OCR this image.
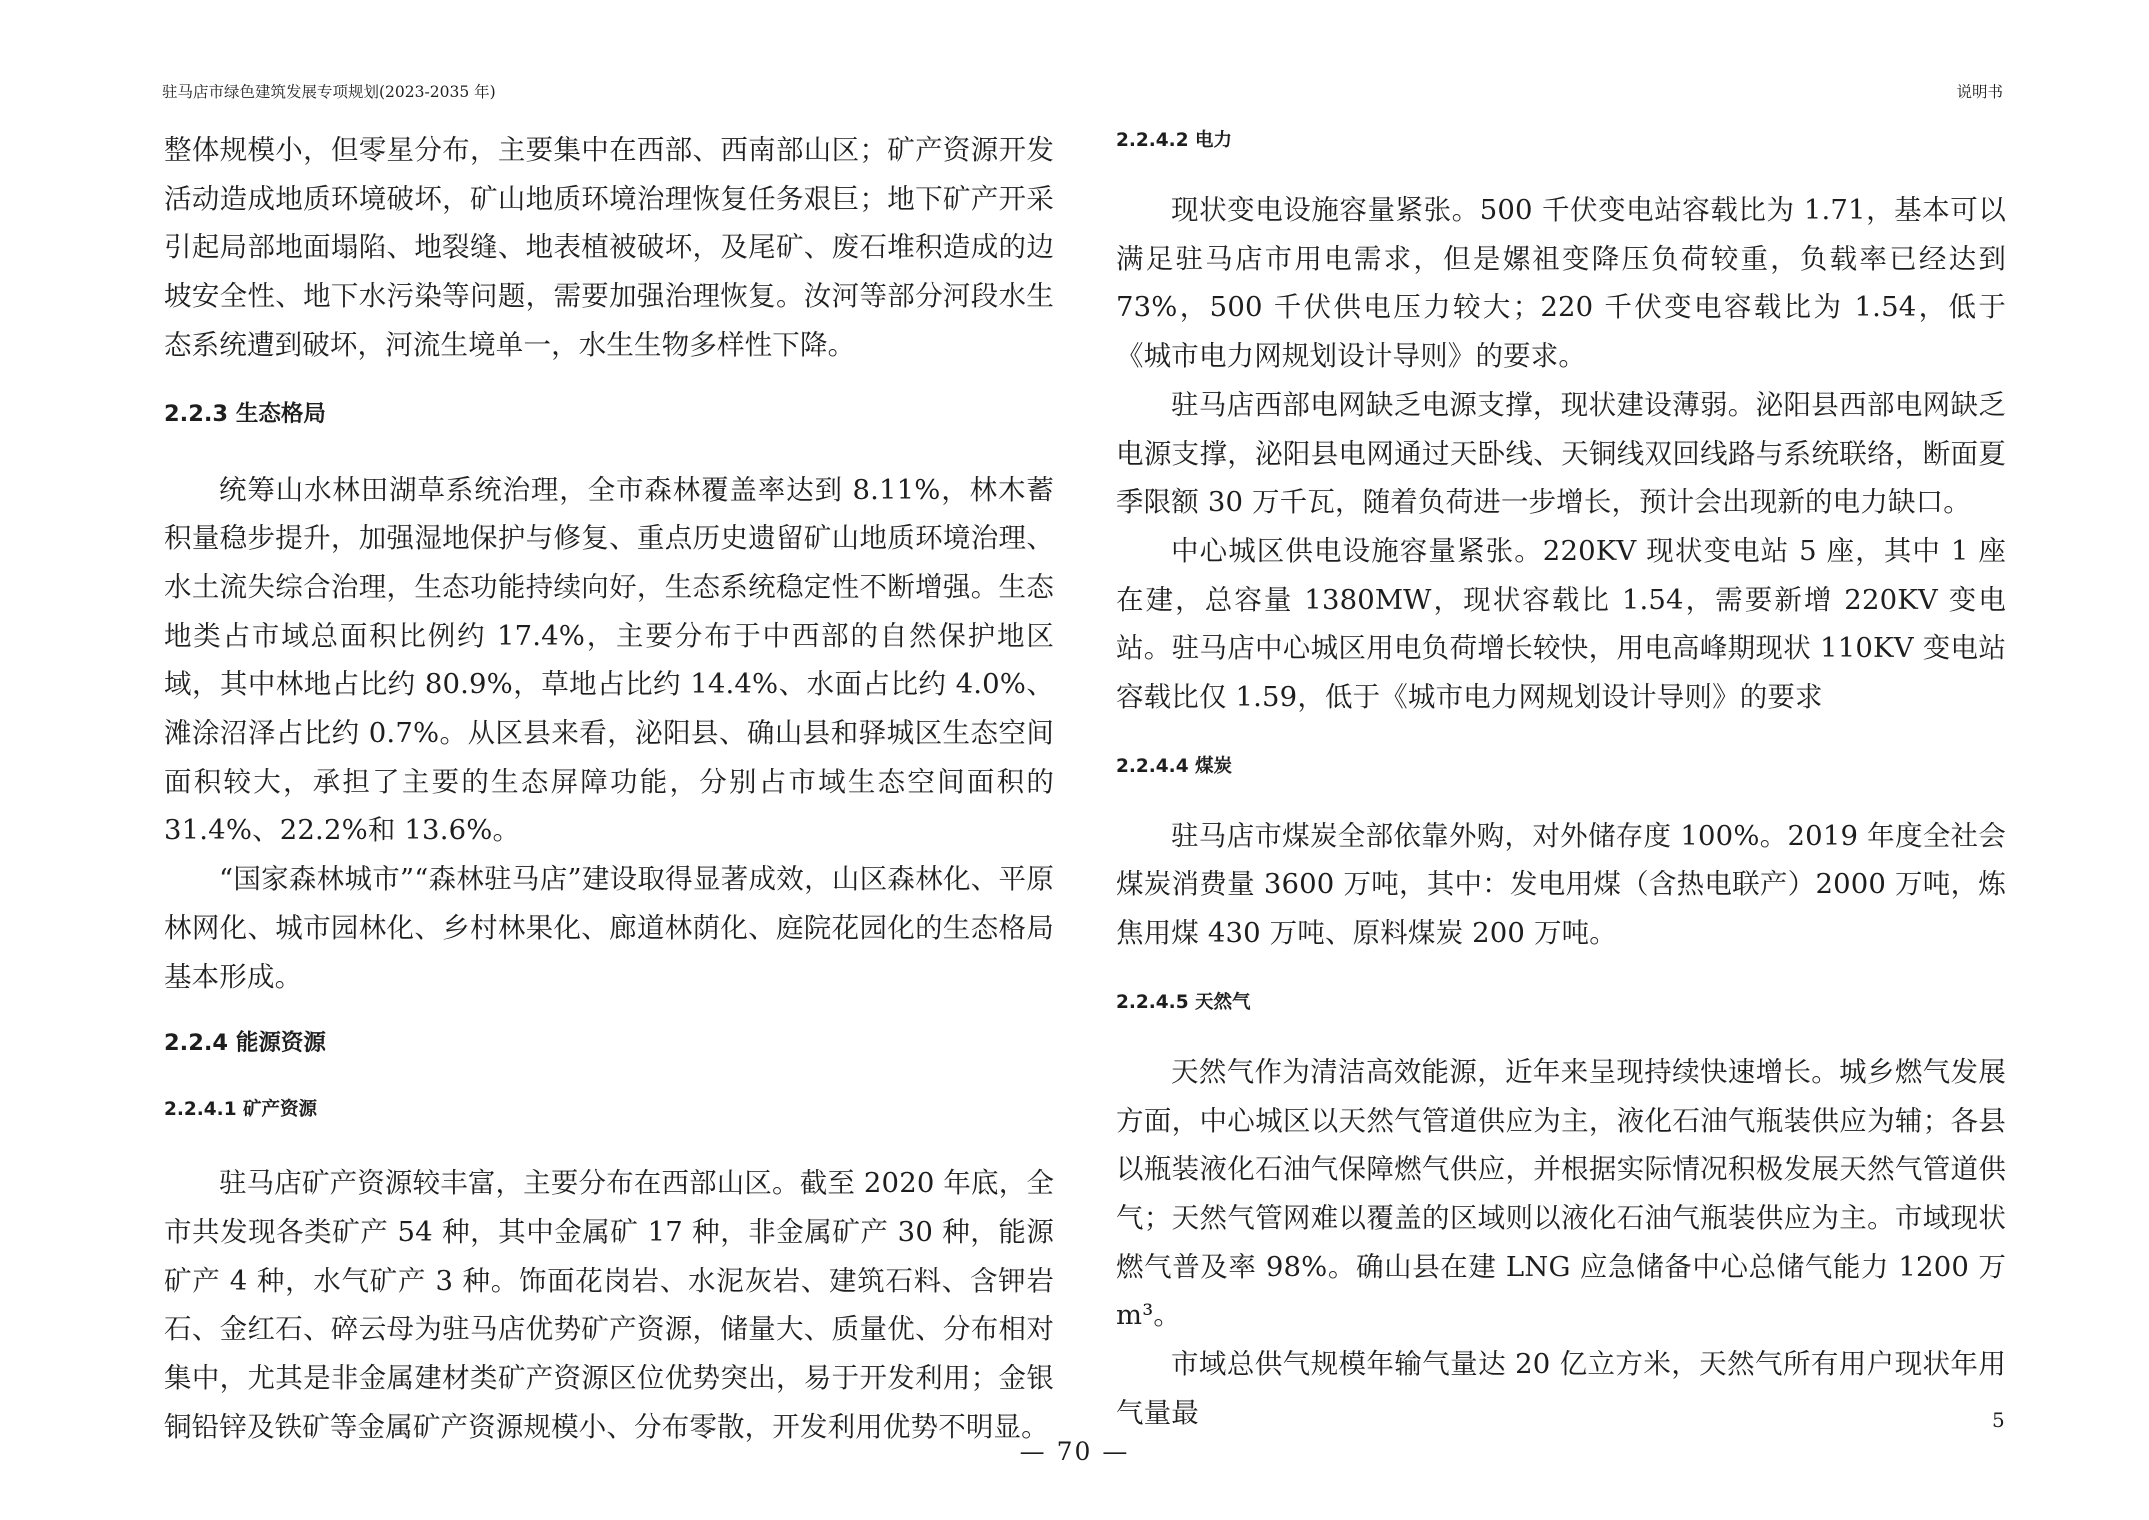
驻马店市绿色建筑发展专项规划(2023-2035 年)	说明书

整体规模小，但零星分布，主要集中在西部、西南部山区；矿产资源开发活动造成地质环境破坏，矿山地质环境治理恢复任务艰巨；地下矿产开采引起局部地面塌陷、地裂缝、地表植被破坏，及尾矿、废石堆积造成的边坡安全性、地下水污染等问题，需要加强治理恢复。汝河等部分河段水生态系统遭到破坏，河流生境单一，水生生物多样性下降。

2.2.3 生态格局

统筹山水林田湖草系统治理，全市森林覆盖率达到 8.11%，林木蓄积量稳步提升，加强湿地保护与修复、重点历史遗留矿山地质环境治理、水土流失综合治理，生态功能持续向好，生态系统稳定性不断增强。生态地类占市域总面积比例约 17.4%，主要分布于中西部的自然保护地区域，其中林地占比约 80.9%，草地占比约 14.4%、水面占比约 4.0%、滩涂沼泽占比约 0.7%。从区县来看，泌阳县、确山县和驿城区生态空间面积较大，承担了主要的生态屏障功能，分别占市域生态空间面积的 31.4%、22.2%和 13.6%。

“国家森林城市”“森林驻马店”建设取得显著成效，山区森林化、平原林网化、城市园林化、乡村林果化、廊道林荫化、庭院花园化的生态格局基本形成。

2.2.4 能源资源
2.2.4.1 矿产资源

驻马店矿产资源较丰富，主要分布在西部山区。截至 2020 年底，全市共发现各类矿产 54 种，其中金属矿 17 种，非金属矿产 30 种，能源矿产 4 种，水气矿产 3 种。饰面花岗岩、水泥灰岩、建筑石料、含钾岩石、金红石、碎云母为驻马店优势矿产资源，储量大、质量优、分布相对集中，尤其是非金属建材类矿产资源区位优势突出，易于开发利用；金银铜铅锌及铁矿等金属矿产资源规模小、分布零散，开发利用优势不明显。

2.2.4.2 电力

现状变电设施容量紧张。500 千伏变电站容载比为 1.71，基本可以满足驻马店市用电需求，但是嫘祖变降压负荷较重，负载率已经达到 73%，500 千伏供电压力较大；220 千伏变电容载比为 1.54，低于《城市电力网规划设计导则》的要求。

驻马店西部电网缺乏电源支撑，现状建设薄弱。泌阳县西部电网缺乏电源支撑，泌阳县电网通过天卧线、天铜线双回线路与系统联络，断面夏季限额 30 万千瓦，随着负荷进一步增长，预计会出现新的电力缺口。

中心城区供电设施容量紧张。220KV 现状变电站 5 座，其中 1 座在建，总容量 1380MW，现状容载比 1.54，需要新增 220KV 变电站。驻马店中心城区用电负荷增长较快，用电高峰期现状 110KV 变电站容载比仅 1.59，低于《城市电力网规划设计导则》的要求

2.2.4.4 煤炭

驻马店市煤炭全部依靠外购，对外储存度 100%。2019 年度全社会煤炭消费量 3600 万吨，其中：发电用煤（含热电联产）2000 万吨，炼焦用煤 430 万吨、原料煤炭 200 万吨。

2.2.4.5 天然气

天然气作为清洁高效能源，近年来呈现持续快速增长。城乡燃气发展方面，中心城区以天然气管道供应为主，液化石油气瓶装供应为辅；各县以瓶装液化石油气保障燃气供应，并根据实际情况积极发展天然气管道供气；天然气管网难以覆盖的区域则以液化石油气瓶装供应为主。市域现状燃气普及率 98%。确山县在建 LNG 应急储备中心总储气能力 1200 万 m³。

市域总供气规模年输气量达 20 亿立方米，天然气所有用户现状年用气量最	5
— 70 —
